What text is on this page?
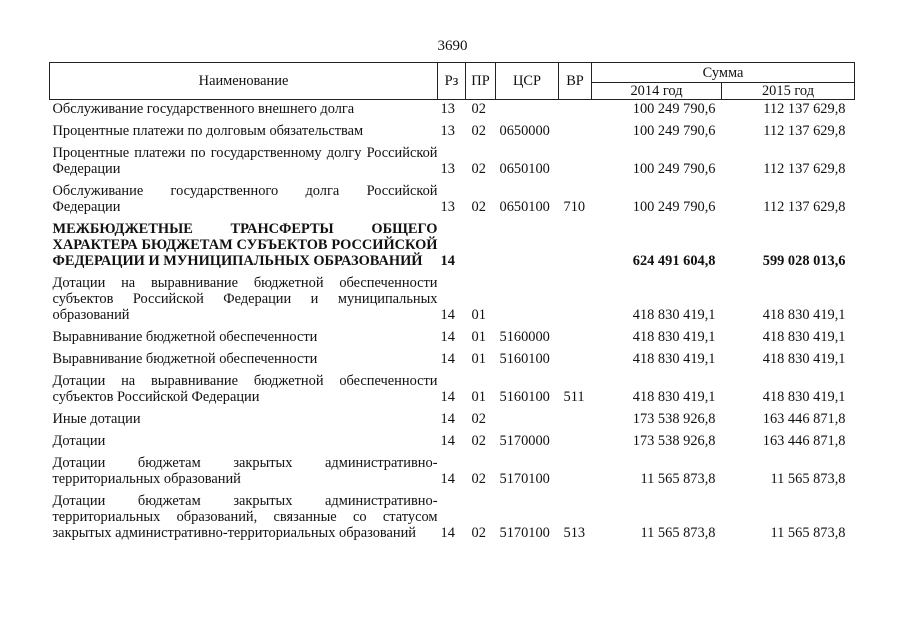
3690
Наименование	Рз	ПР	ЦСР	ВР	Сумма	
					2014 год	2015 год
Обслуживание государственного внешнего долга	13	02			100 249 790,6	112 137 629,8
Процентные платежи по долговым обязательствам	13	02	0650000		100 249 790,6	112 137 629,8
Процентные платежи по государственному долгу Российской Федерации	13	02	0650100		100 249 790,6	112 137 629,8
Обслуживание государственного долга Российской Федерации	13	02	0650100	710	100 249 790,6	112 137 629,8
МЕЖБЮДЖЕТНЫЕ ТРАНСФЕРТЫ ОБЩЕГО ХАРАКТЕРА БЮДЖЕТАМ СУБЪЕКТОВ РОССИЙСКОЙ ФЕДЕРАЦИИ И МУНИЦИПАЛЬНЫХ ОБРАЗОВАНИЙ	14				624 491 604,8	599 028 013,6
Дотации на выравнивание бюджетной обеспеченности субъектов Российской Федерации и муниципальных образований	14	01			418 830 419,1	418 830 419,1
Выравнивание бюджетной обеспеченности	14	01	5160000		418 830 419,1	418 830 419,1
Выравнивание бюджетной обеспеченности	14	01	5160100		418 830 419,1	418 830 419,1
Дотации на выравнивание бюджетной обеспеченности субъектов Российской Федерации	14	01	5160100	511	418 830 419,1	418 830 419,1
Иные дотации	14	02			173 538 926,8	163 446 871,8
Дотации	14	02	5170000		173 538 926,8	163 446 871,8
Дотации бюджетам закрытых административно-территориальных образований	14	02	5170100		11 565 873,8	11 565 873,8
Дотации бюджетам закрытых административно-территориальных образований, связанные со статусом закрытых административно-территориальных образований	14	02	5170100	513	11 565 873,8	11 565 873,8
